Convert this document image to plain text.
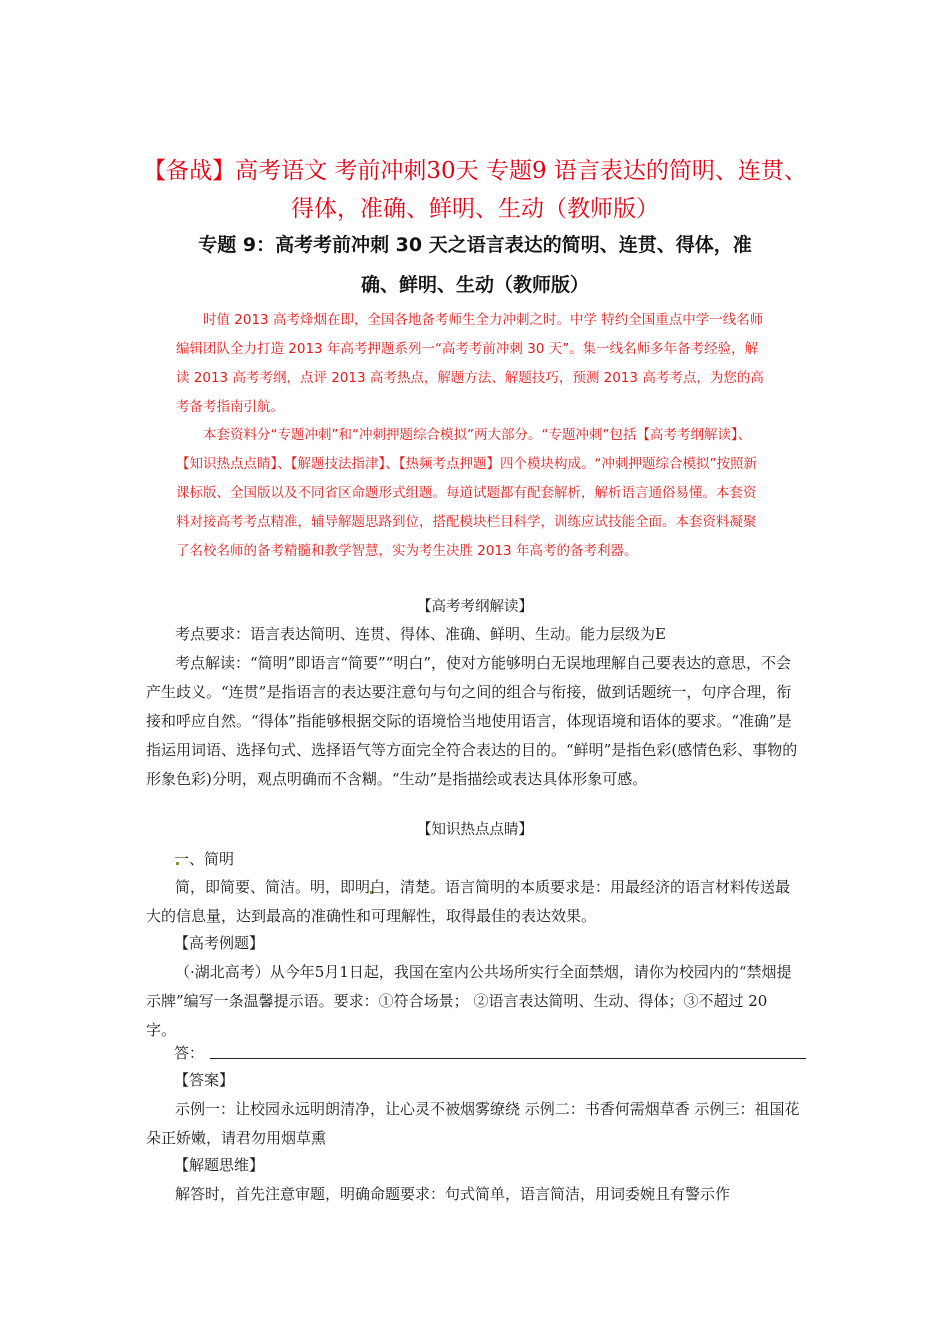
【备战】高考语文 考前冲刺30天 专题9 语言表达的简明、连贯、
得体，准确、鲜明、生动（教师版）
专题 9：高考考前冲刺 30 天之语言表达的简明、连贯、得体，准
确、鲜明、生动（教师版）

时值 2013 高考烽烟在即，全国各地备考师生全力冲刺之时。中学 特约全国重点中学一线名师编辑团队全力打造 2013 年高考押题系列一“高考考前冲刺 30 天”。集一线名师多年备考经验，解读 2013 高考考纲，点评 2013 高考热点，解题方法、解题技巧，预测 2013 高考考点，为您的高考备考指南引航。

本套资料分“专题冲刺”和“冲刺押题综合模拟”两大部分。“专题冲刺”包括【高考考纲解读】、【知识热点点睛】、【解题技法指津】、【热频考点押题】四个模块构成。“冲刺押题综合模拟”按照新课标版、全国版以及不同省区命题形式组题。每道试题都有配套解析，解析语言通俗易懂。本套资料对接高考考点精准，辅导解题思路到位，搭配模块栏目科学，训练应试技能全面。本套资料凝聚了名校名师的备考精髓和教学智慧，实为考生决胜 2013 年高考的备考利器。

【高考考纲解读】

考点要求：语言表达简明、连贯、得体、准确、鲜明、生动。能力层级为E

考点解读：“简明”即语言“简要”“明白”，使对方能够明白无误地理解自己要表达的意思，不会产生歧义。“连贯”是指语言的表达要注意句与句之间的组合与衔接，做到话题统一，句序合理，衔接和呼应自然。“得体”指能够根据交际的语境恰当地使用语言，体现语境和语体的要求。“准确”是指运用词语、选择句式、选择语气等方面完全符合表达的目的。“鲜明”是指色彩(感情色彩、事物的形象色彩)分明，观点明确而不含糊。“生动”是指描绘或表达具体形象可感。

【知识热点点睛】
一、简明

简，即简要、简洁。明，即明白，清楚。语言简明的本质要求是：用最经济的语言材料传送最大的信息量，达到最高的准确性和可理解性，取得最佳的表达效果。

【高考例题】

（·湖北高考）从今年5月1日起，我国在室内公共场所实行全面禁烟，请你为校园内的“禁烟提示牌”编写一条温馨提示语。要求：①符合场景； ②语言表达简明、生动、得体；③不超过 20 字。

答：
【答案】

示例一：让校园永远明朗清净，让心灵不被烟雾缭绕 示例二：书香何需烟草香 示例三：祖国花朵正娇嫩，请君勿用烟草熏

【解题思维】

解答时，首先注意审题，明确命题要求：句式简单，语言简洁，用词委婉且有警示作
